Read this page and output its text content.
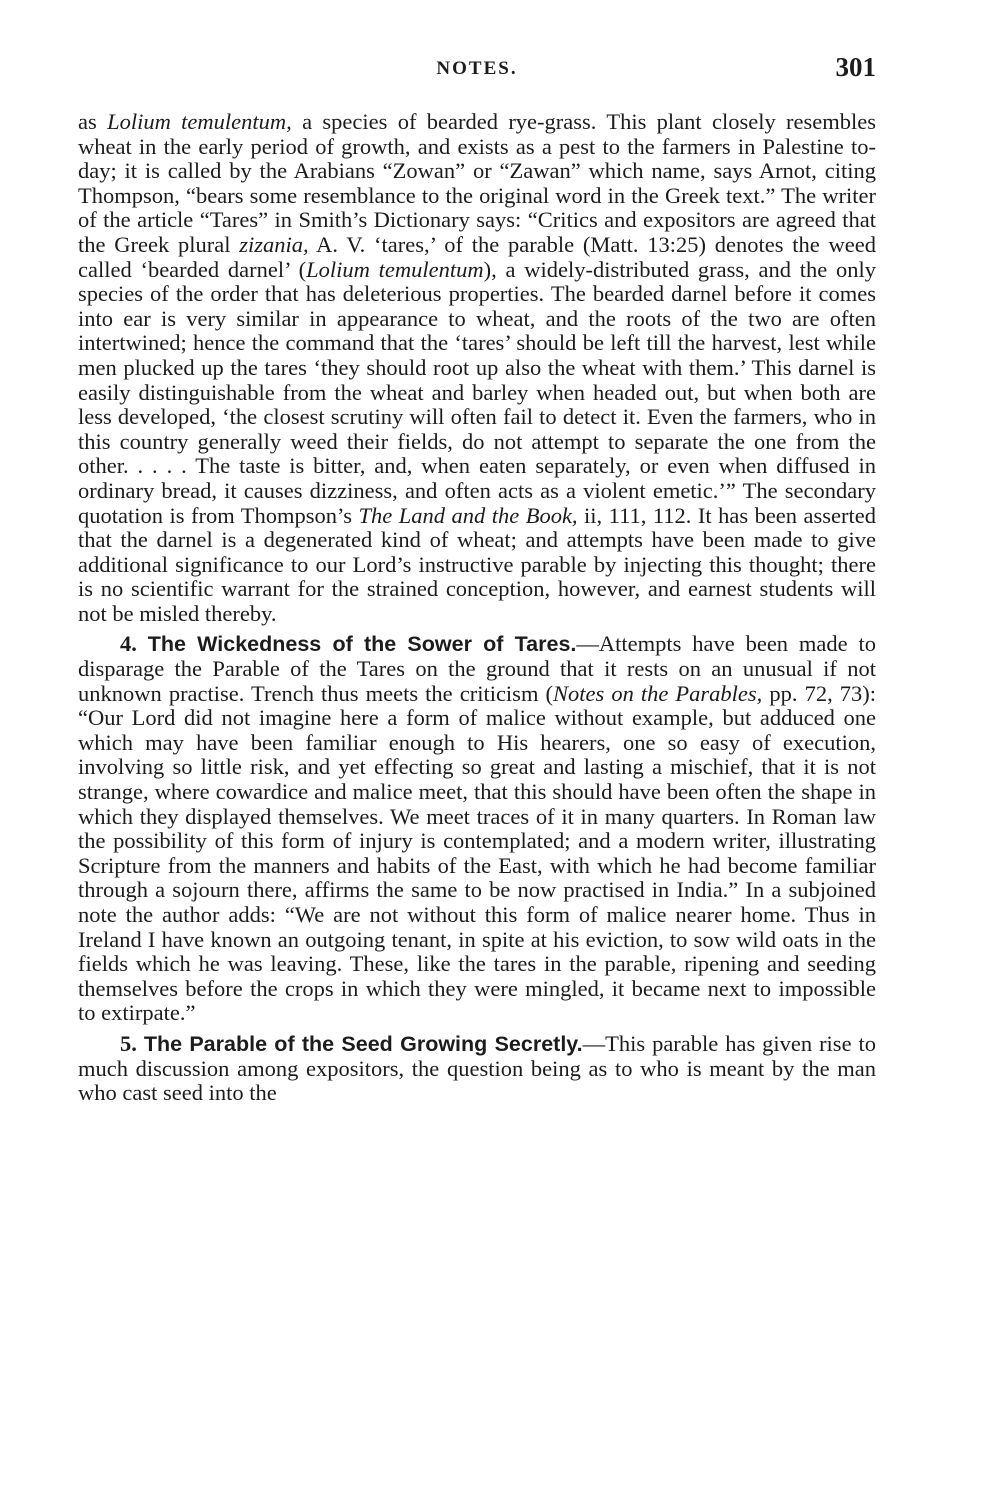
NOTES.	301

as Lolium temulentum, a species of bearded rye-grass. This plant closely resembles wheat in the early period of growth, and exists as a pest to the farmers in Palestine to-day; it is called by the Arabians “Zowan” or “Zawan” which name, says Arnot, citing Thompson, “bears some resemblance to the original word in the Greek text.” The writer of the article “Tares” in Smith’s Dictionary says: “Critics and expositors are agreed that the Greek plural zizania, A. V. ‘tares,’ of the parable (Matt. 13:25) denotes the weed called ‘bearded darnel’ (Lolium temulentum), a widely-distributed grass, and the only species of the order that has deleterious properties. The bearded darnel before it comes into ear is very similar in appearance to wheat, and the roots of the two are often intertwined; hence the command that the ‘tares’ should be left till the harvest, lest while men plucked up the tares ‘they should root up also the wheat with them.’ This darnel is easily distinguishable from the wheat and barley when headed out, but when both are less developed, ‘the closest scrutiny will often fail to detect it. Even the farmers, who in this country generally weed their fields, do not attempt to separate the one from the other. . . . . The taste is bitter, and, when eaten separately, or even when diffused in ordinary bread, it causes dizziness, and often acts as a violent emetic.’” The secondary quotation is from Thompson’s The Land and the Book, ii, 111, 112. It has been asserted that the darnel is a degenerated kind of wheat; and attempts have been made to give additional significance to our Lord’s instructive parable by injecting this thought; there is no scientific warrant for the strained conception, however, and earnest students will not be misled thereby.

4. The Wickedness of the Sower of Tares.—Attempts have been made to disparage the Parable of the Tares on the ground that it rests on an unusual if not unknown practise. Trench thus meets the criticism (Notes on the Parables, pp. 72, 73): “Our Lord did not imagine here a form of malice without example, but adduced one which may have been familiar enough to His hearers, one so easy of execution, involving so little risk, and yet effecting so great and lasting a mischief, that it is not strange, where cowardice and malice meet, that this should have been often the shape in which they displayed themselves. We meet traces of it in many quarters. In Roman law the possibility of this form of injury is contemplated; and a modern writer, illustrating Scripture from the manners and habits of the East, with which he had become familiar through a sojourn there, affirms the same to be now practised in India.” In a subjoined note the author adds: “We are not without this form of malice nearer home. Thus in Ireland I have known an outgoing tenant, in spite at his eviction, to sow wild oats in the fields which he was leaving. These, like the tares in the parable, ripening and seeding themselves before the crops in which they were mingled, it became next to impossible to extirpate.”

5. The Parable of the Seed Growing Secretly.—This parable has given rise to much discussion among expositors, the question being as to who is meant by the man who cast seed into the
